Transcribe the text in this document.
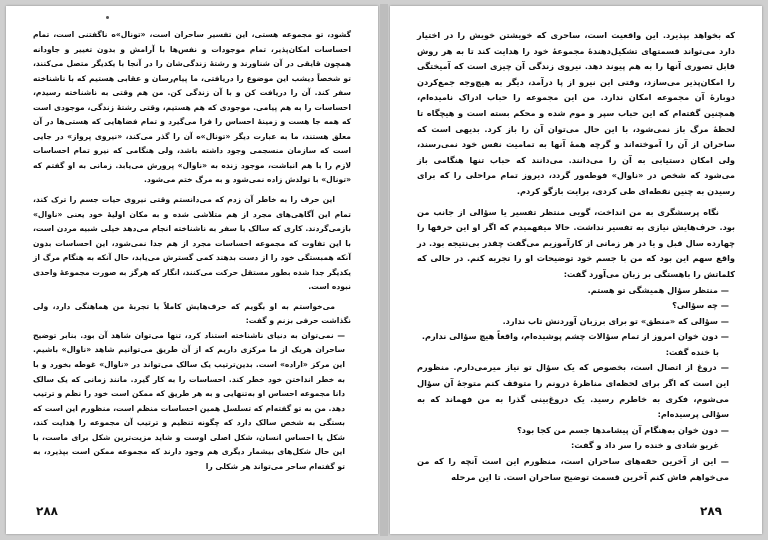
گشود، تو مجموعه هستی، این تفسیر ساحران است، «تونال»ه ناگفتنی است، تمام احساسات امکان‌پذیر، تمام موجودات و نفس‌ها با آرامش و بدون تغییر و جاودانه همچون قایقی در آن شناورند و رشتهٔ زندگی‌شان را در آنجا با یکدیگر متصل می‌کنند، تو شخصاً دیشب این موضوع را دریافتی، ما پیام‌رسان و عقابی هستیم که با ناشناخته سفر کند. آن را دریافت کن و با آن زندگی کن. من هم وقتی به ناشناخته رسیدم، احساسات را به هم پیامی. موجودی که هم هستیم، وقتی رشتهٔ زندگی، موجودی است که همه جا هست و زمینهٔ احساس را فرا می‌گیرد و تمام فضاهایی که هستی‌ها در آن معلق هستند، ما به عبارت دیگر «تونال»ه آن را گذر می‌کند، «نیروی پرواز» در جایی است که سازمان منسجمی وجود داشته باشد، ولی هنگامی که نیرو تمام احساسات لازم را با هم انباشت، موجود زنده به «ناوال» پرورش می‌یابد. زمانی به او گفتم که «تونال» با تولدش زاده نمی‌شود و به مرگ ختم می‌شود.

این حرف را به خاطر آن زدم که می‌دانستم وقتی نیروی حیات جسم را ترک کند، تمام این آگاهی‌های مجرد از هم متلاشی شده و به مکان اولیهٔ خود یعنی «ناوال» بازمی‌گردند. کاری که سالک با سفر به ناشناخته انجام می‌دهد خیلی شبیه مردن است، با این تفاوت که مجموعه احساسات مجرد از هم جدا نمی‌شود، این احساسات بدون آنکه همبستگی خود را از دست بدهند کمی گسترش می‌یابد، حال آنکه به هنگام مرگ از یکدیگر جدا شده بطور مستقل حرکت می‌کنند، انگار که هرگز به صورت مجموعهٔ واحدی نبوده است.

می‌خواستم به او بگویم که حرف‌هایش کاملاً با تجربهٔ من هماهنگی دارد، ولی نگذاشت حرفی بزنم و گفت:

— نمی‌توان به دنیای ناشناخته استناد کرد، تنها می‌توان شاهد آن بود. بنابر توضیح ساحران هریک از ما مرکزی داریم که از آن طریق می‌توانیم شاهد «ناوال» باشیم. این مرکز «اراده» است. بدین‌ترتیب یک سالک می‌تواند در «ناوال» غوطه بخورد و با به خطر انداختن خود خطر کند. احساسات را به کار گیرد. مانند زمانی که یک سالک دانا مجموعه احساس او به‌تنهایی و به هر طریق که ممکن است خود را نظم و ترتیب دهد. من به تو گفته‌ام که تسلسل همین احساسات منظم است، منظورم این است که بستگی به شخص سالک دارد که چگونه تنظیم و ترتیب آن مجموعه را هدایت کند، شکل یا احساس انسان، شکل اصلی اوست و شاید مزیت‌ترین شکل برای ماست، با این حال شکل‌های بیشمار دیگری هم وجود دارند که مجموعه ممکن است بپذیرد، به تو گفته‌ام ساحر می‌تواند هر شکلی را

۲۸۸

که بخواهد بپذیرد. این واقعیت است، ساحری که خویشتن خویش را در اختیار دارد می‌تواند قسمتهای تشکیل‌دهندهٔ مجموعهٔ خود را هدایت کند تا به هر روش قابل تصوری آنها را به هم پیوند دهد. نیروی زندگی آن چیزی است که آمیختگی را امکان‌پذیر می‌سازد، وقتی این نیرو از پا درآمد، دیگر به هیچ‌وجه جمع‌کردن دوبارهٔ آن مجموعه امکان ندارد. من این مجموعه را حباب ادراک نامیده‌ام، همچنین گفته‌ام که این حباب سپر و موم شده و محکم بسته است و هیچگاه تا لحظهٔ مرگ باز نمی‌شود، با این حال می‌توان آن را باز کرد. بدیهی است که ساحران از آن را آموخته‌اند و گرچه همهٔ آنها به تمامیت نفس خود نمی‌رسند، ولی امکان دستیابی به آن را می‌دانند. می‌دانند که حباب تنها هنگامی باز می‌شود که شخص در «ناوال» فوطه‌ور گردد، دیروز تمام مراحلی را که برای رسیدن به چنین نقطه‌ای طی کردی، برایت بازگو کردم.

نگاه پرسشگری به من انداخت، گویی منتظر تفسیر یا سؤالی از جانب من بود. حرف‌هایش نیازی به تفسیر نداشت. حالا میفهمیدم که اگر او این حرفها را چهارده سال قبل و یا در هر زمانی از کارآموزیم می‌گفت چقدر بی‌نتیجه بود. در واقع سهم این بود که من با جسم خود توضیحات او را تجربه کنم. در حالی که کلماتش را باهستگی بر زبان می‌آورد گفت:

— منتظر سؤال همیشگی تو هستم.

— چه سؤالی؟

— سؤالی که «منطق» تو برای برزبان آوردنش تاب ندارد.

— دون خوان امروز از تمام سؤالات چشم پوشیده‌ام، واقعاً هیچ سؤالی ندارم.

با خنده گفت:

— دروغ از اتصال است، بخصوص که یک سؤال تو نیاز میرمی‌دارم. منظورم این است که اگر برای لحظه‌ای مناظرهٔ درونم را متوقف کنم متوجهٔ آن سؤال می‌شوم، فکری به خاطرم رسید. یک دروغ‌بینی گذرا به من فهماند که به سؤالی پرسیده‌ام:

— دون خوان به‌هنگام آن پیشامدها جسم من کجا بود؟

غریو شادی و خنده را سر داد و گفت:

— این از آخرین حقه‌های ساحران است، منظورم این است آنچه را که من می‌خواهم فاش کنم آخرین قسمت توضیح ساحران است. تا این مرحله

۲۸۹
